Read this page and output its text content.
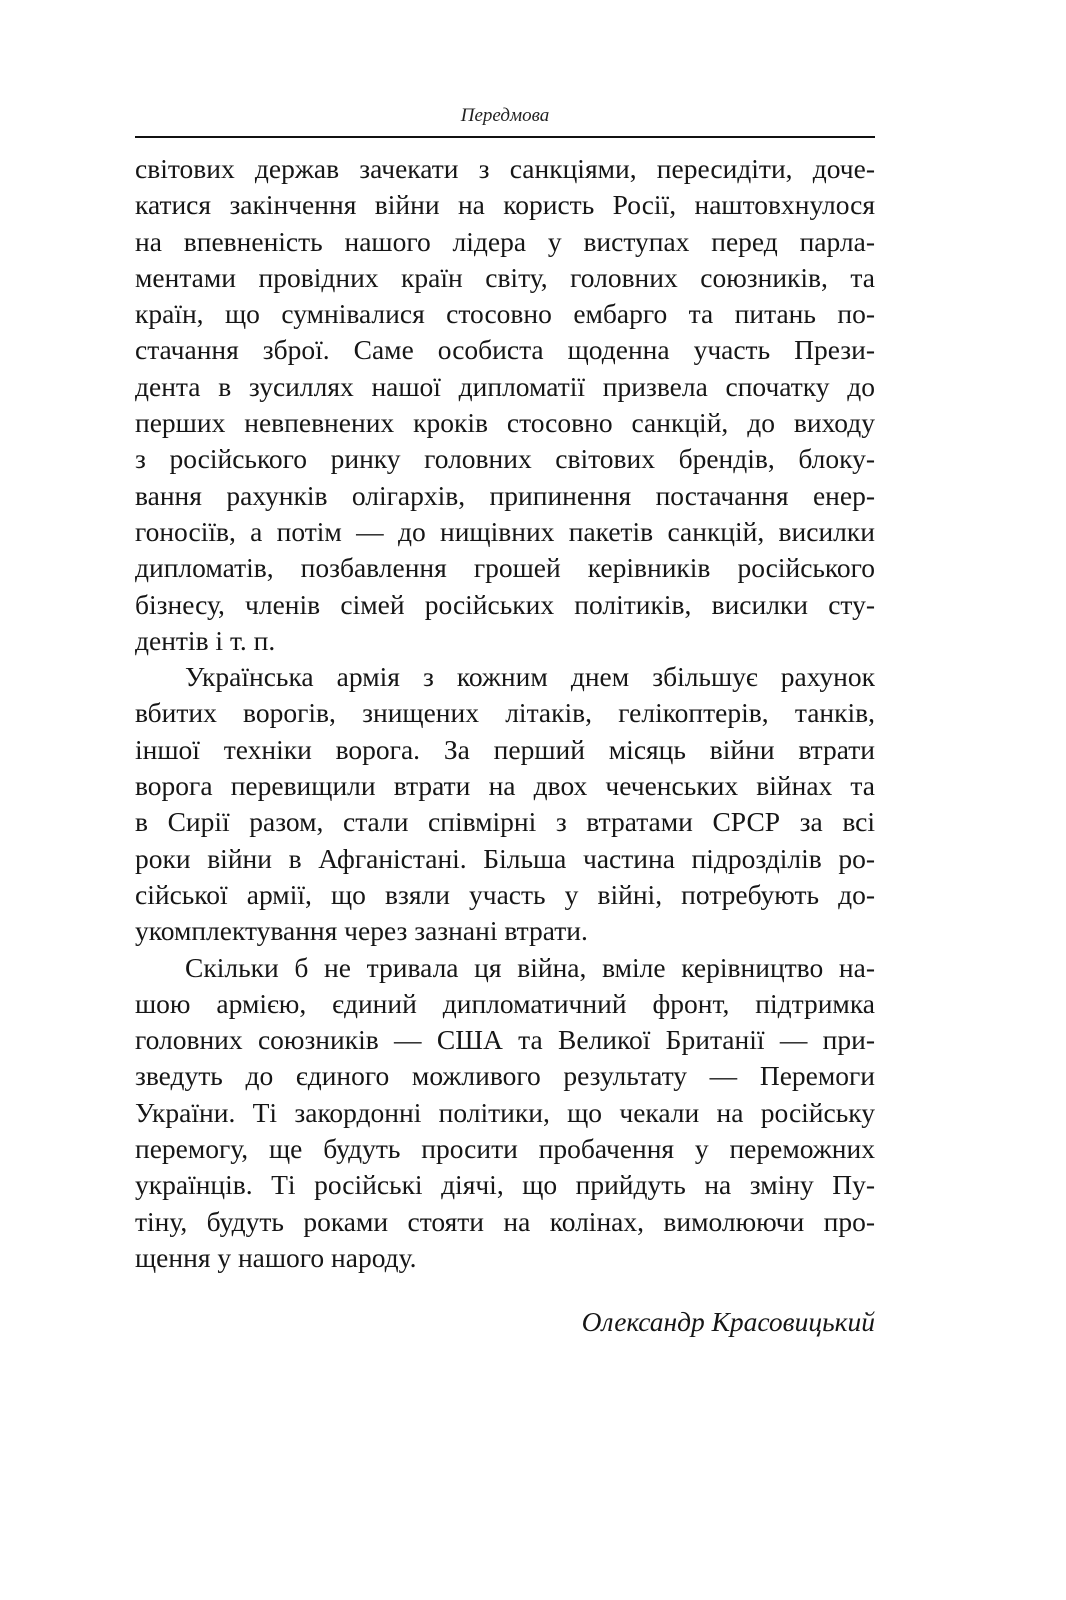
Передмова
світових держав зачекати з санкціями, пересидіти, доче-
катися закінчення війни на користь Росії, наштовхнулося
на впевненість нашого лідера у виступах перед парла-
ментами провідних країн світу, головних союзників, та
країн, що сумнівалися стосовно ембарго та питань по-
стачання зброї. Саме особиста щоденна участь Прези-
дента в зусиллях нашої дипломатії призвела спочатку до
перших невпевнених кроків стосовно санкцій, до виходу
з російського ринку головних світових брендів, блоку-
вання рахунків олігархів, припинення постачання енер-
гоносіїв, а потім — до нищівних пакетів санкцій, висилки
дипломатів, позбавлення грошей керівників російського
бізнесу, членів сімей російських політиків, висилки сту-
дентів і т. п.
Українська армія з кожним днем збільшує рахунок
вбитих ворогів, знищених літаків, гелікоптерів, танків,
іншої техніки ворога. За перший місяць війни втрати
ворога перевищили втрати на двох чеченських війнах та
в Сирії разом, стали співмірні з втратами СРСР за всі
роки війни в Афганістані. Більша частина підрозділів ро-
сійської армії, що взяли участь у війні, потребують до-
укомплектування через зазнані втрати.
Скільки б не тривала ця війна, вміле керівництво на-
шою армією, єдиний дипломатичний фронт, підтримка
головних союзників — США та Великої Британії — при-
зведуть до єдиного можливого результату — Перемоги
України. Ті закордонні політики, що чекали на російську
перемогу, ще будуть просити пробачення у переможних
українців. Ті російські діячі, що прийдуть на зміну Пу-
тіну, будуть роками стояти на колінах, вимолюючи про-
щення у нашого народу.
Олександр Красовицький
